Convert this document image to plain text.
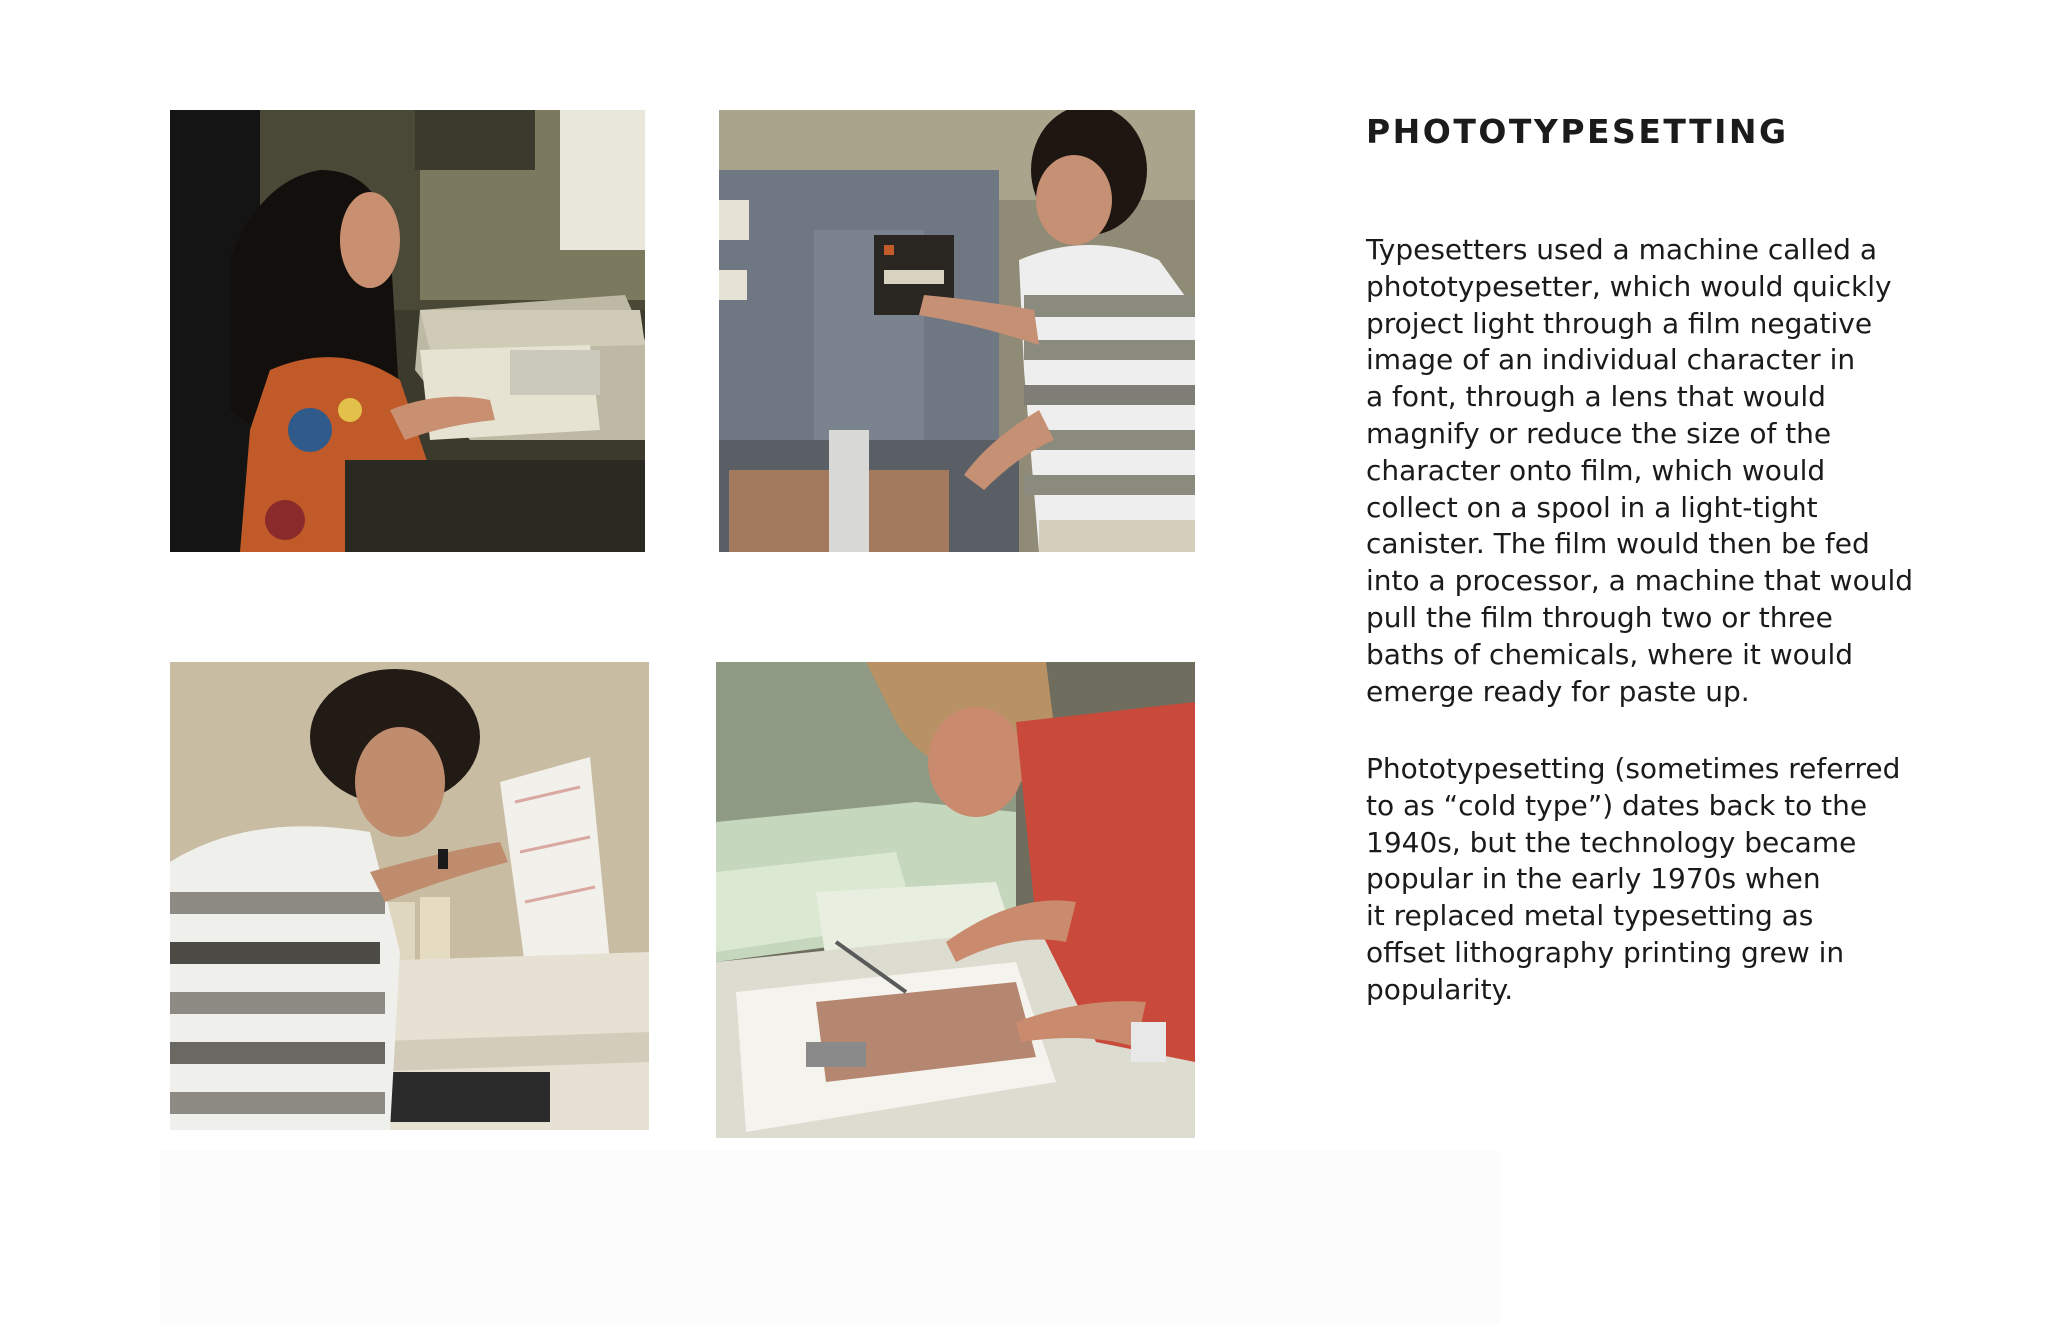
PHOTOTYPESETTING
Typesetters used a machine called a
phototypesetter, which would quickly
project light through a film negative
image of an individual character in
a font, through a lens that would
magnify or reduce the size of the
character onto film, which would
collect on a spool in a light-tight
canister. The film would then be fed
into a processor, a machine that would
pull the film through two or three
baths of chemicals, where it would
emerge ready for paste up.
Phototypesetting (sometimes referred
to as “cold type”) dates back to the
1940s, but the technology became
popular in the early 1970s when
it replaced metal typesetting as
offset lithography printing grew in
popularity.
